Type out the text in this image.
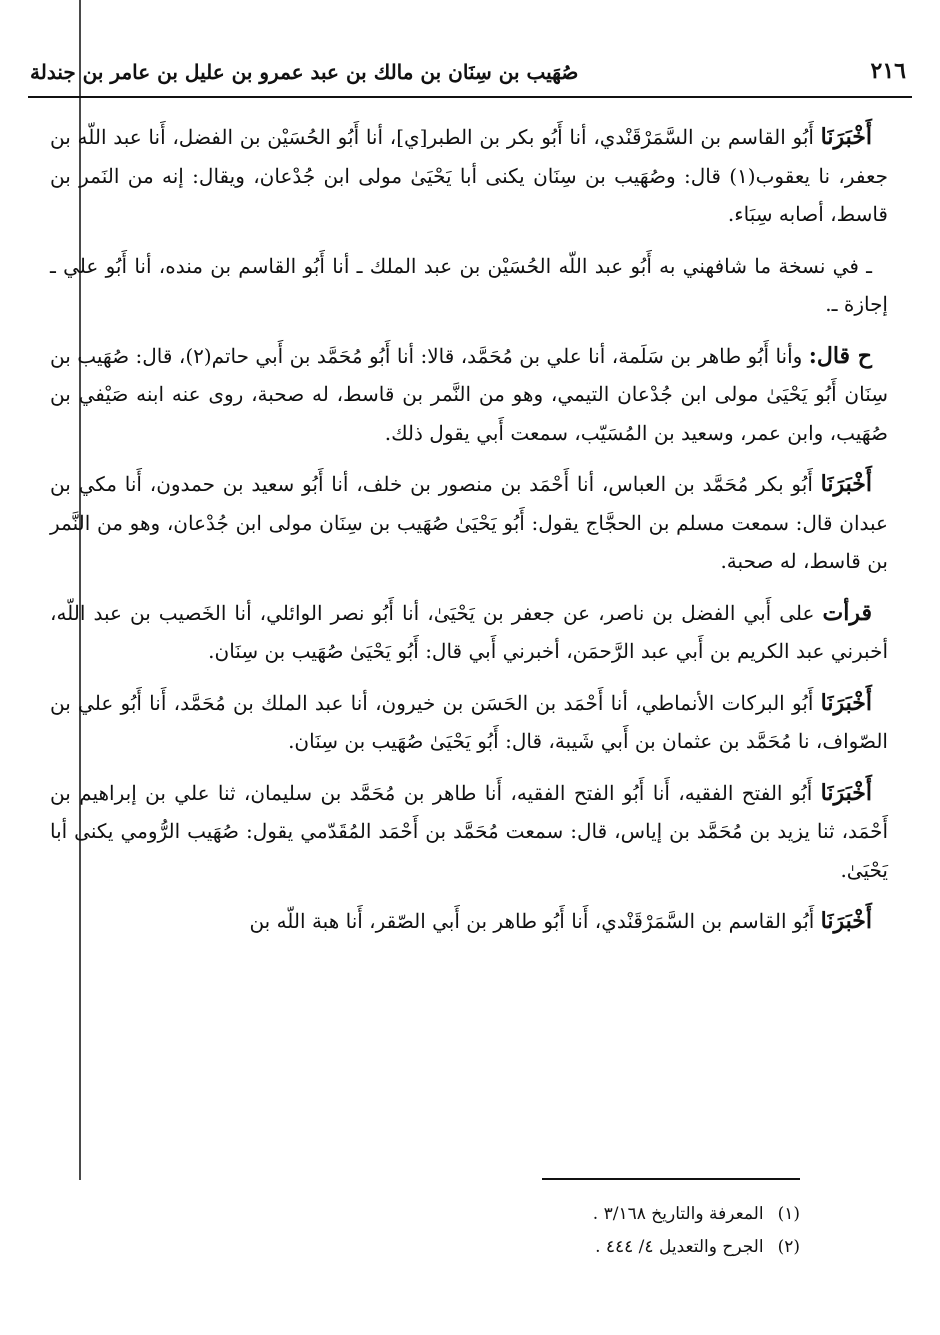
٢١٦
صُهَيب بن سِنَان بن مالك بن عبد عمرو بن عليل بن عامر بن جندلة

أَخْبَرَنَا أَبُو القاسم بن السَّمَرْقَنْدي، أنا أَبُو بكر بن الطبر[ي]، أنا أَبُو الحُسَيْن بن الفضل، أَنا عبد اللّه بن جعفر، نا يعقوب(١) قال: وصُهَيب بن سِنَان يكنى أبا يَحْيَىٰ مولى ابن جُدْعان، ويقال: إنه من النَمر بن قاسط، أصابه سِبَاء.

ـ في نسخة ما شافهني به أَبُو عبد اللّه الحُسَيْن بن عبد الملك ـ أنا أَبُو القاسم بن منده، أنا أَبُو علي ـ إجازة ـ.

ح قال: وأنا أَبُو طاهر بن سَلَمة، أنا علي بن مُحَمَّد، قالا: أنا أَبُو مُحَمَّد بن أَبي حاتم(٢)، قال: صُهَيب بن سِنَان أَبُو يَحْيَىٰ مولى ابن جُدْعان التيمي، وهو من النَّمر بن قاسط، له صحبة، روى عنه ابنه صَيْفي بن صُهَيب، وابن عمر، وسعيد بن المُسَيّب، سمعت أَبي يقول ذلك.

أَخْبَرَنَا أَبُو بكر مُحَمَّد بن العباس، أنا أَحْمَد بن منصور بن خلف، أنا أَبُو سعيد بن حمدون، أَنا مكي بن عبدان قال: سمعت مسلم بن الحجَّاج يقول: أَبُو يَحْيَىٰ صُهَيب بن سِنَان مولى ابن جُدْعان، وهو من النَّمر بن قاسط، له صحبة.

قرأت على أَبي الفضل بن ناصر، عن جعفر بن يَحْيَىٰ، أنا أَبُو نصر الوائلي، أنا الخَصيب بن عبد اللّه، أخبرني عبد الكريم بن أَبي عبد الرَّحمَن، أخبرني أَبي قال: أَبُو يَحْيَىٰ صُهَيب بن سِنَان.

أَخْبَرَنَا أَبُو البركات الأنماطي، أنا أَحْمَد بن الحَسَن بن خيرون، أنا عبد الملك بن مُحَمَّد، أَنا أَبُو علي بن الصّواف، نا مُحَمَّد بن عثمان بن أَبي شَيبة، قال: أَبُو يَحْيَىٰ صُهَيب بن سِنَان.

أَخْبَرَنَا أَبُو الفتح الفقيه، أَنا أَبُو الفتح الفقيه، أَنا طاهر بن مُحَمَّد بن سليمان، ثنا علي بن إبراهيم بن أَحْمَد، ثنا يزيد بن مُحَمَّد بن إياس، قال: سمعت مُحَمَّد بن أَحْمَد المُقَدّمي يقول: صُهَيب الرُّومي يكنى أبا يَحْيَىٰ.

أَخْبَرَنَا أَبُو القاسم بن السَّمَرْقَنْدي، أَنا أَبُو طاهر بن أَبي الصّقر، أَنا هبة اللّه بن

(١)المعرفة والتاريخ ٣/١٦٨ .

(٢)الجرح والتعديل ٤/ ٤٤٤ .
